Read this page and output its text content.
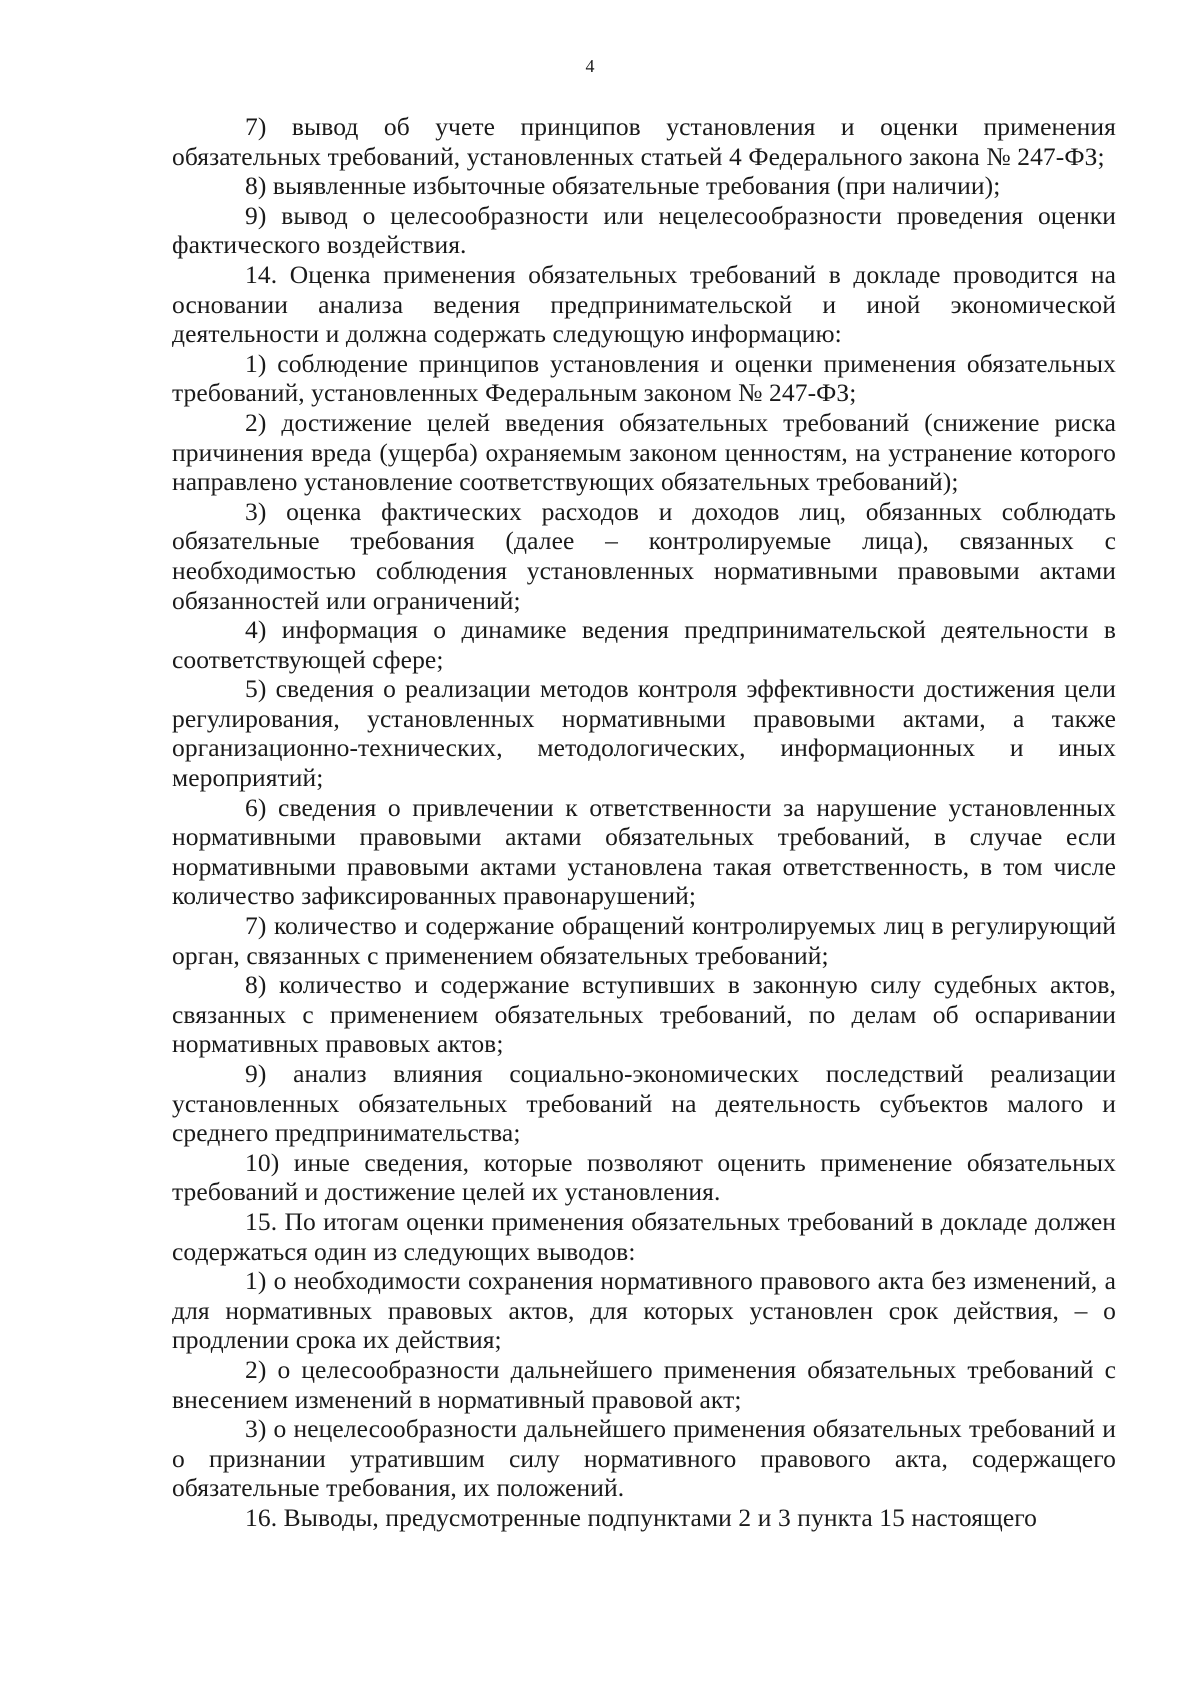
4

7) вывод об учете принципов установления и оценки применения обязательных требований, установленных статьей 4 Федерального закона № 247-ФЗ;

8) выявленные избыточные обязательные требования (при наличии);

9) вывод о целесообразности или нецелесообразности проведения оценки фактического воздействия.

14. Оценка применения обязательных требований в докладе проводится на основании анализа ведения предпринимательской и иной экономической деятельности и должна содержать следующую информацию:

1) соблюдение принципов установления и оценки применения обязательных требований, установленных Федеральным законом № 247-ФЗ;

2) достижение целей введения обязательных требований (снижение риска причинения вреда (ущерба) охраняемым законом ценностям, на устранение которого направлено установление соответствующих обязательных требований);

3) оценка фактических расходов и доходов лиц, обязанных соблюдать обязательные требования (далее – контролируемые лица), связанных с необходимостью соблюдения установленных нормативными правовыми актами обязанностей или ограничений;

4) информация о динамике ведения предпринимательской деятельности в соответствующей сфере;

5) сведения о реализации методов контроля эффективности достижения цели регулирования, установленных нормативными правовыми актами, а также организационно-технических, методологических, информационных и иных мероприятий;

6) сведения о привлечении к ответственности за нарушение установленных нормативными правовыми актами обязательных требований, в случае если нормативными правовыми актами установлена такая ответственность, в том числе количество зафиксированных правонарушений;

7) количество и содержание обращений контролируемых лиц в регулирующий орган, связанных с применением обязательных требований;

8) количество и содержание вступивших в законную силу судебных актов, связанных с применением обязательных требований, по делам об оспаривании нормативных правовых актов;

9) анализ влияния социально-экономических последствий реализации установленных обязательных требований на деятельность субъектов малого и среднего предпринимательства;

10) иные сведения, которые позволяют оценить применение обязательных требований и достижение целей их установления.

15. По итогам оценки применения обязательных требований в докладе должен содержаться один из следующих выводов:

1) о необходимости сохранения нормативного правового акта без изменений, а для нормативных правовых актов, для которых установлен срок действия, – о продлении срока их действия;

2) о целесообразности дальнейшего применения обязательных требований с внесением изменений в нормативный правовой акт;

3) о нецелесообразности дальнейшего применения обязательных требований и о признании утратившим силу нормативного правового акта, содержащего обязательные требования, их положений.

16. Выводы, предусмотренные подпунктами 2 и 3 пункта 15 настоящего
